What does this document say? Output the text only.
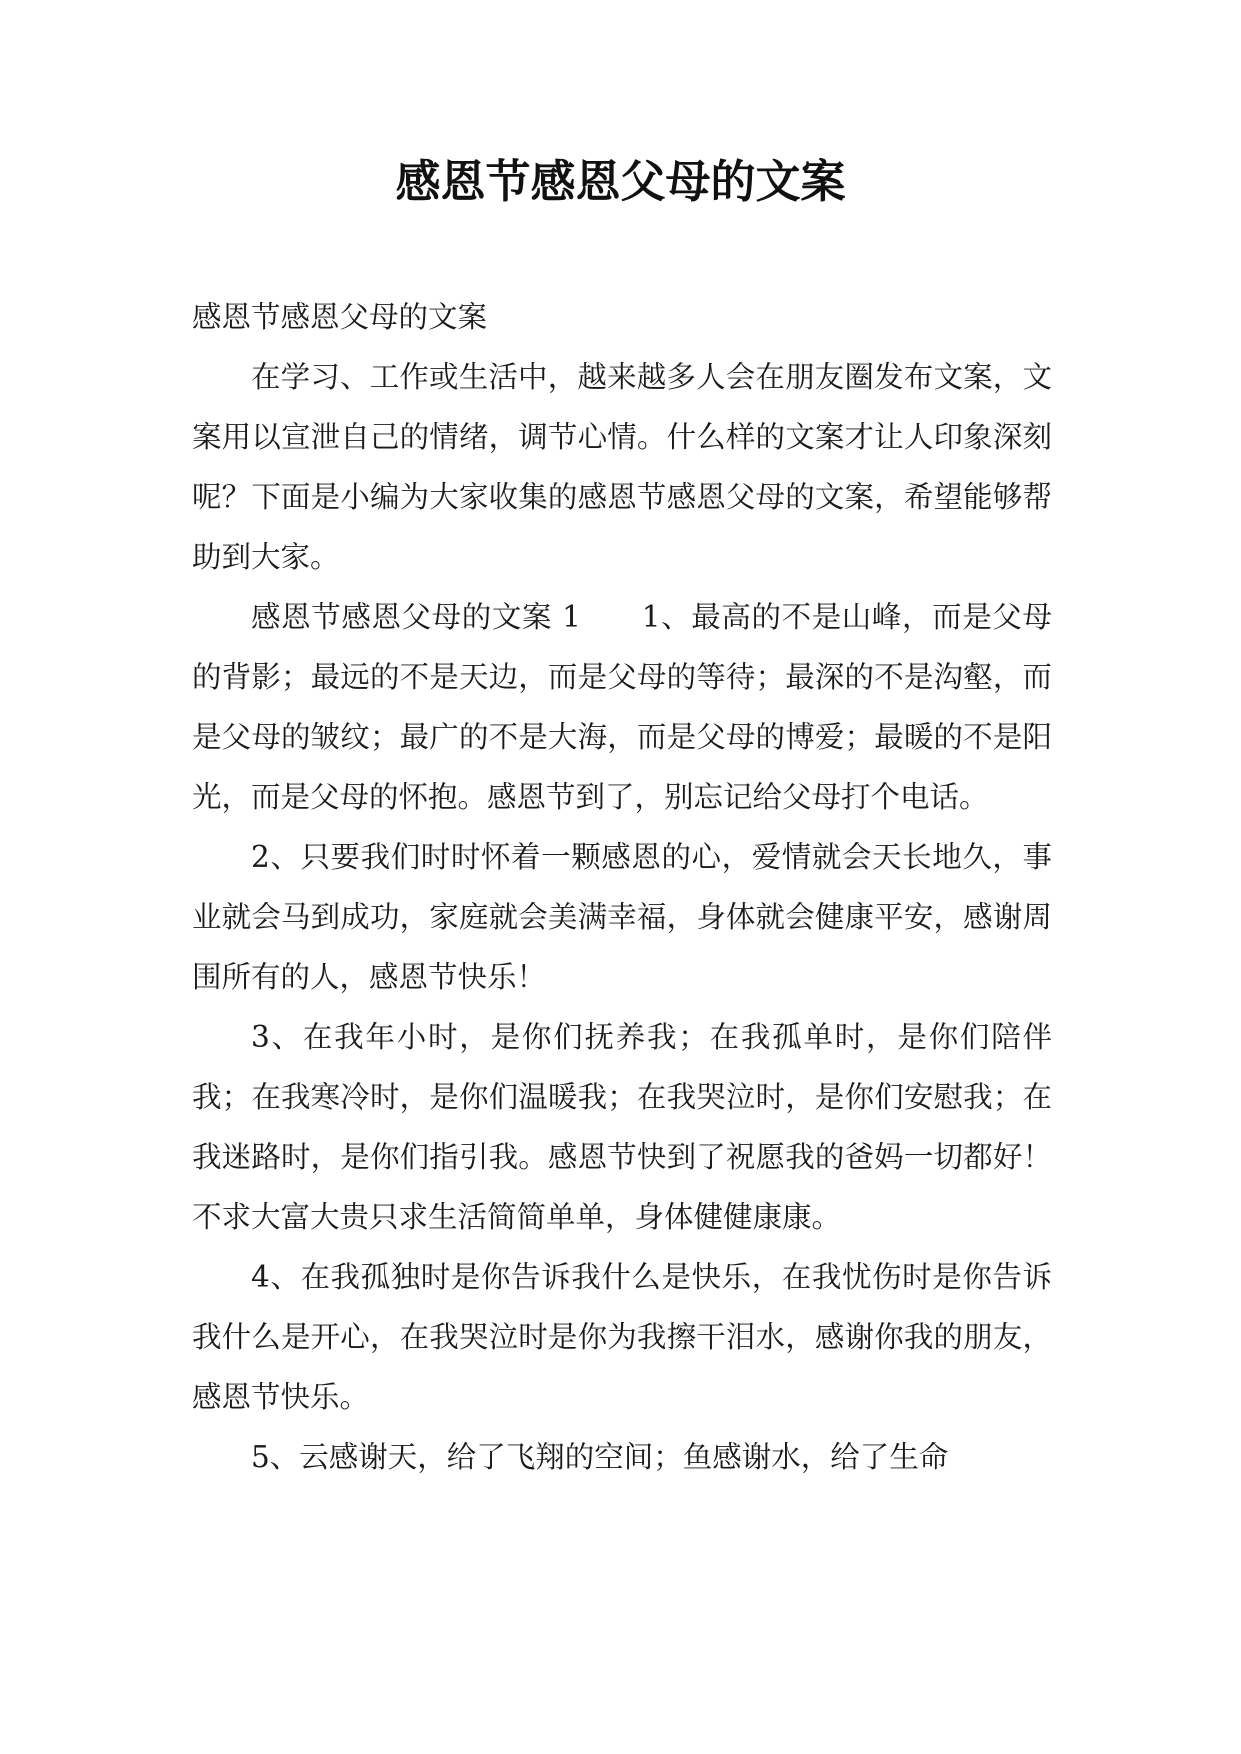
感恩节感恩父母的文案

感恩节感恩父母的文案

在学习、工作或生活中，越来越多人会在朋友圈发布文案，文案用以宣泄自己的情绪，调节心情。什么样的文案才让人印象深刻呢？下面是小编为大家收集的感恩节感恩父母的文案，希望能够帮助到大家。

感恩节感恩父母的文案 1　　1、最高的不是山峰，而是父母的背影；最远的不是天边，而是父母的等待；最深的不是沟壑，而是父母的皱纹；最广的不是大海，而是父母的博爱；最暖的不是阳光，而是父母的怀抱。感恩节到了，别忘记给父母打个电话。

2、只要我们时时怀着一颗感恩的心，爱情就会天长地久，事业就会马到成功，家庭就会美满幸福，身体就会健康平安，感谢周围所有的人，感恩节快乐！

3、在我年小时，是你们抚养我；在我孤单时，是你们陪伴我；在我寒冷时，是你们温暖我；在我哭泣时，是你们安慰我；在我迷路时，是你们指引我。感恩节快到了祝愿我的爸妈一切都好！不求大富大贵只求生活简简单单，身体健健康康。

4、在我孤独时是你告诉我什么是快乐，在我忧伤时是你告诉我什么是开心，在我哭泣时是你为我擦干泪水，感谢你我的朋友，感恩节快乐。

5、云感谢天，给了飞翔的空间；鱼感谢水，给了生命
